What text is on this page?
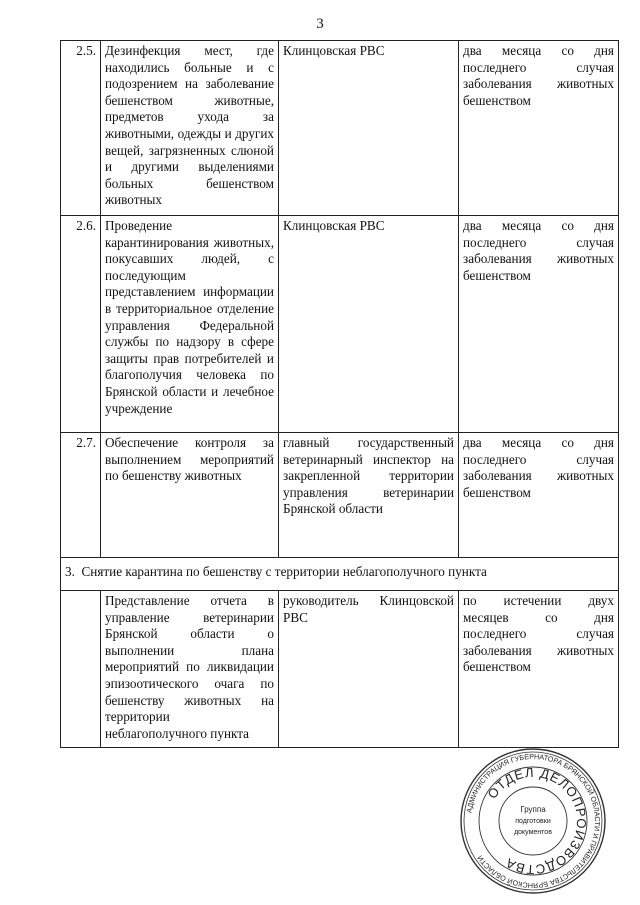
3
2.5.	Дезинфекция мест, где находились больные и с подозрением на заболевание бешенством животные, предметов ухода за животными, одежды и других вещей, загрязненных слюной и другими выделениями больных бешенством животных	Клинцовская РВС	два месяца со дня последнего случая заболевания животных бешенством
2.6.	Проведение карантинирования животных, покусавших людей, с последующим представлением информации в территориальное отделение управления Федеральной службы по надзору в сфере защиты прав потребителей и благополучия человека по Брянской области и лечебное учреждение	Клинцовская РВС	два месяца со дня последнего случая заболевания животных бешенством
2.7.	Обеспечение контроля за выполнением мероприятий по бешенству животных	главный государственный ветеринарный инспектор на закрепленной территории управления ветеринарии Брянской области	два месяца со дня последнего случая заболевания животных бешенством
3. Снятие карантина по бешенству с территории неблагополучного пункта			
	Представление отчета в управление ветеринарии Брянской области о выполнении плана мероприятий по ликвидации эпизоотического очага по бешенству животных на территории неблагополучного пункта	руководитель Клинцовской РВС	по истечении двух месяцев со дня последнего случая заболевания животных бешенством
АДМИНИСТРАЦИЯ ГУБЕРНАТОРА БРЯНСКОЙ ОБЛАСТИ И ПРАВИТЕЛЬСТВА БРЯНСКОЙ ОБЛАСТИ
ОТДЕЛ ДЕЛОПРОИЗВОДСТВА
Группа
подготовки
документов
